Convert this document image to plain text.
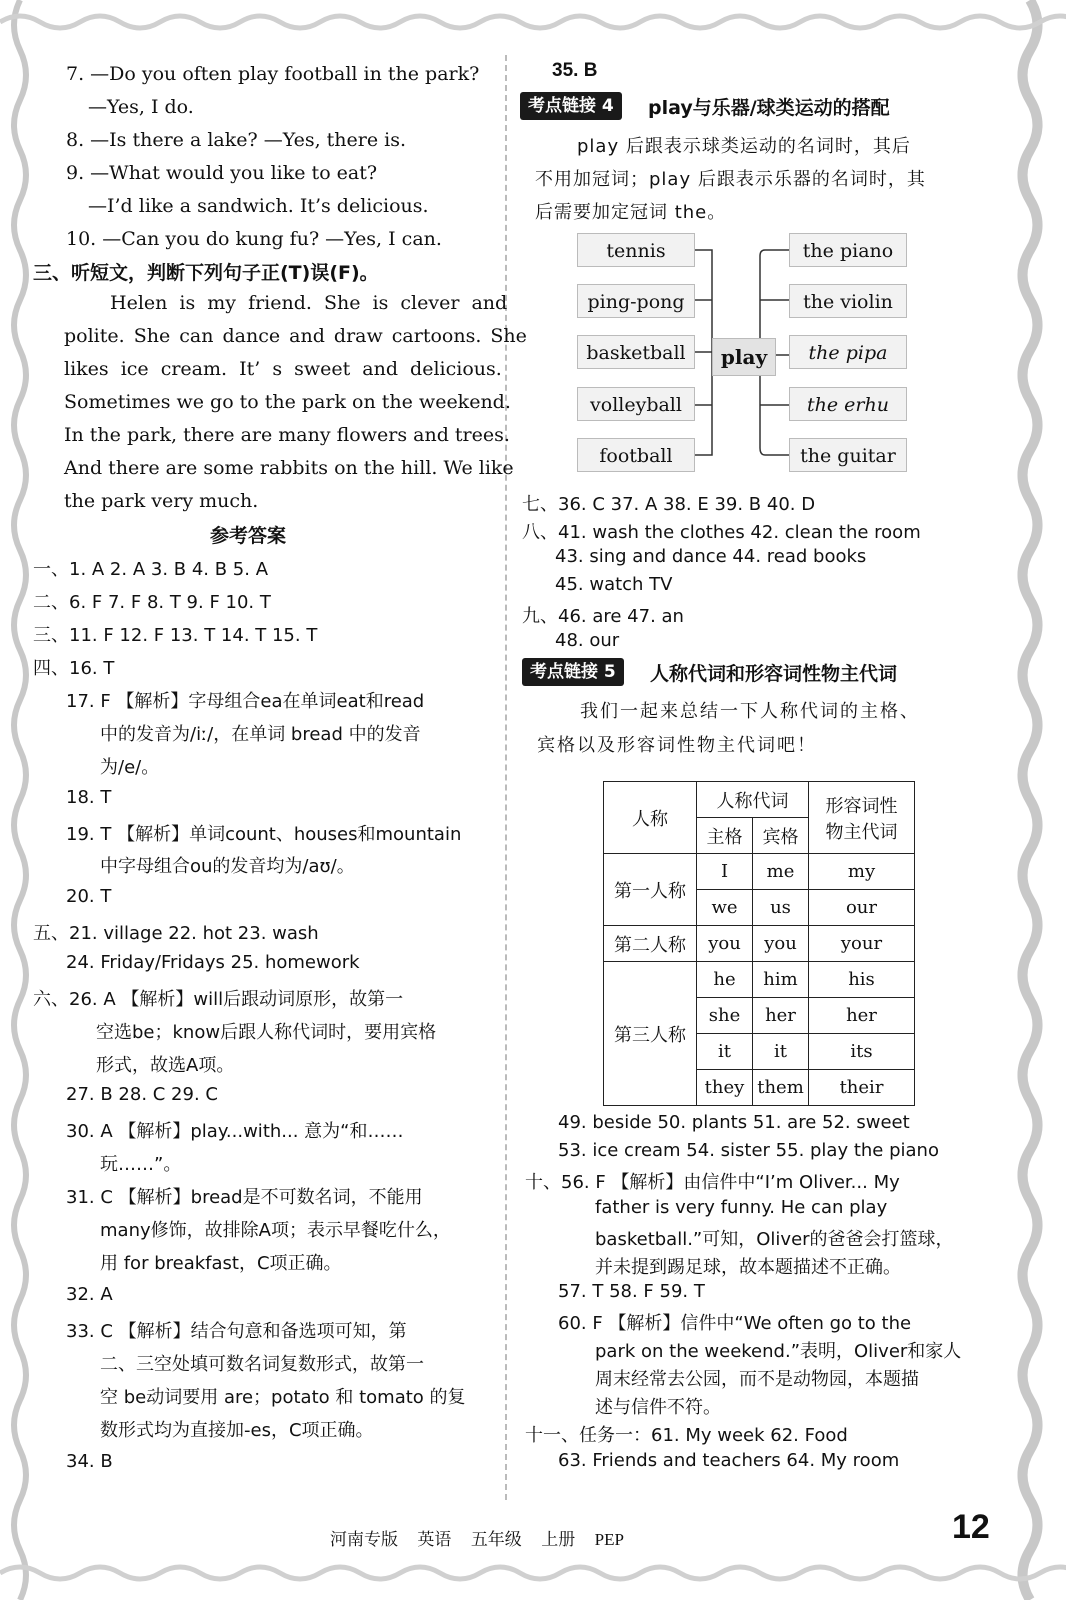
7. —Do you often play football in the park?
—Yes, I do.
8. —Is there a lake? —Yes, there is.
9. —What would you like to eat?
—I’d like a sandwich. It’s delicious.
10. —Can you do kung fu? —Yes, I can.
三、听短文，判断下列句子正(T)误(F)。
Helen is my friend. She is clever and
polite. She can dance and draw cartoons. She
likes ice cream. It’ s sweet and delicious.
Sometimes we go to the park on the weekend.
In the park, there are many flowers and trees.
And there are some rabbits on the hill. We like
the park very much.
参考答案
一、1. A 2. A 3. B 4. B 5. A
二、6. F 7. F 8. T 9. F 10. T
三、11. F 12. F 13. T 14. T 15. T
四、16. T
17. F 【解析】字母组合ea在单词eat和read
中的发音为/iː/，在单词 bread 中的发音
为/e/。
18. T
19. T 【解析】单词count、houses和mountain
中字母组合ou的发音均为/aʊ/。
20. T
五、21. village 22. hot 23. wash
24. Friday/Fridays 25. homework
六、26. A 【解析】will后跟动词原形，故第一
空选be；know后跟人称代词时，要用宾格
形式，故选A项。
27. B 28. C 29. C
30. A 【解析】play...with... 意为“和……
玩……”。
31. C 【解析】bread是不可数名词，不能用
many修饰，故排除A项；表示早餐吃什么，
用 for breakfast，C项正确。
32. A
33. C 【解析】结合句意和备选项可知，第
二、三空处填可数名词复数形式，故第一
空 be动词要用 are；potato 和 tomato 的复
数形式均为直接加-es，C项正确。
34. B
35. B
考点链接 4	play与乐器/球类运动的搭配
play 后跟表示球类运动的名词时，其后
不用加冠词；play 后跟表示乐器的名词时，其
后需要加定冠词 the。
tennis
ping-pong
basketball
volleyball
football
play
the piano
the violin
the pipa
the erhu
the guitar
七、36. C 37. A 38. E 39. B 40. D
八、41. wash the clothes 42. clean the room
43. sing and dance 44. read books
45. watch TV
九、46. are 47. an
48. our
考点链接 5	人称代词和形容词性物主代词
我们一起来总结一下人称代词的主格、
宾格以及形容词性物主代词吧！
人称	人称代词		形容词性
物主代词

	主格	宾格	
第一人称	I	me	my
	we	us	our
第二人称	you	you	your
第三人称	he	him	his
	she	her	her
	it	it	its
	they	them	their
49. beside 50. plants 51. are 52. sweet
53. ice cream 54. sister 55. play the piano
十、56. F 【解析】由信件中“I’m Oliver... My
father is very funny. He can play
basketball.”可知，Oliver的爸爸会打篮球，
并未提到踢足球，故本题描述不正确。
57. T 58. F 59. T
60. F 【解析】信件中“We often go to the
park on the weekend.”表明，Oliver和家人
周末经常去公园，而不是动物园，本题描
述与信件不符。
十一、任务一：61. My week 62. Food
63. Friends and teachers 64. My room
河南专版 英语 五年级 上册 PEP	12
